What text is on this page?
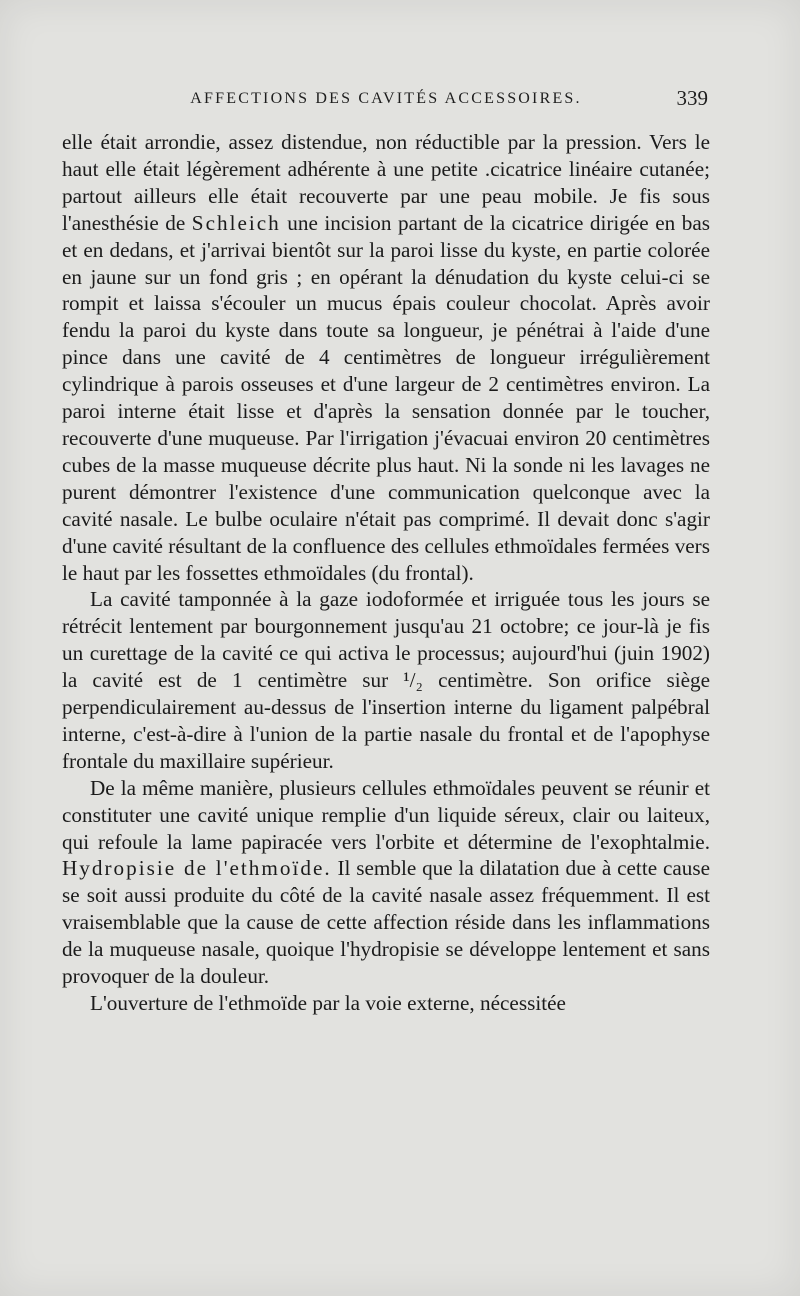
AFFECTIONS DES CAVITÉS ACCESSOIRES.	339

elle était arrondie, assez distendue, non réductible par la pression. Vers le haut elle était légèrement adhérente à une petite .cicatrice linéaire cutanée; partout ailleurs elle était recouverte par une peau mobile. Je fis sous l'anesthésie de Schleich une incision partant de la cicatrice dirigée en bas et en dedans, et j'arrivai bientôt sur la paroi lisse du kyste, en partie colorée en jaune sur un fond gris ; en opérant la dénudation du kyste celui-ci se rompit et laissa s'écouler un mucus épais couleur chocolat. Après avoir fendu la paroi du kyste dans toute sa longueur, je pénétrai à l'aide d'une pince dans une cavité de 4 centimètres de longueur irrégulièrement cylindrique à parois osseuses et d'une largeur de 2 centimètres environ. La paroi interne était lisse et d'après la sensation donnée par le toucher, recouverte d'une muqueuse. Par l'irrigation j'évacuai environ 20 centimètres cubes de la masse muqueuse décrite plus haut. Ni la sonde ni les lavages ne purent démontrer l'existence d'une communication quelconque avec la cavité nasale. Le bulbe oculaire n'était pas comprimé. Il devait donc s'agir d'une cavité résultant de la confluence des cellules ethmoïdales fermées vers le haut par les fossettes ethmoïdales (du frontal).

La cavité tamponnée à la gaze iodoformée et irriguée tous les jours se rétrécit lentement par bourgonnement jusqu'au 21 octobre; ce jour-là je fis un curettage de la cavité ce qui activa le processus; aujourd'hui (juin 1902) la cavité est de 1 centimètre sur ¹/₂ centimètre. Son orifice siège perpendiculairement au-dessus de l'insertion interne du ligament palpébral interne, c'est-à-dire à l'union de la partie nasale du frontal et de l'apophyse frontale du maxillaire supérieur.

De la même manière, plusieurs cellules ethmoïdales peuvent se réunir et constituter une cavité unique remplie d'un liquide séreux, clair ou laiteux, qui refoule la lame papiracée vers l'orbite et détermine de l'exophtalmie. Hydropisie de l'ethmoïde. Il semble que la dilatation due à cette cause se soit aussi produite du côté de la cavité nasale assez fréquemment. Il est vraisemblable que la cause de cette affection réside dans les inflammations de la muqueuse nasale, quoique l'hydropisie se développe lentement et sans provoquer de la douleur.

L'ouverture de l'ethmoïde par la voie externe, nécessitée
